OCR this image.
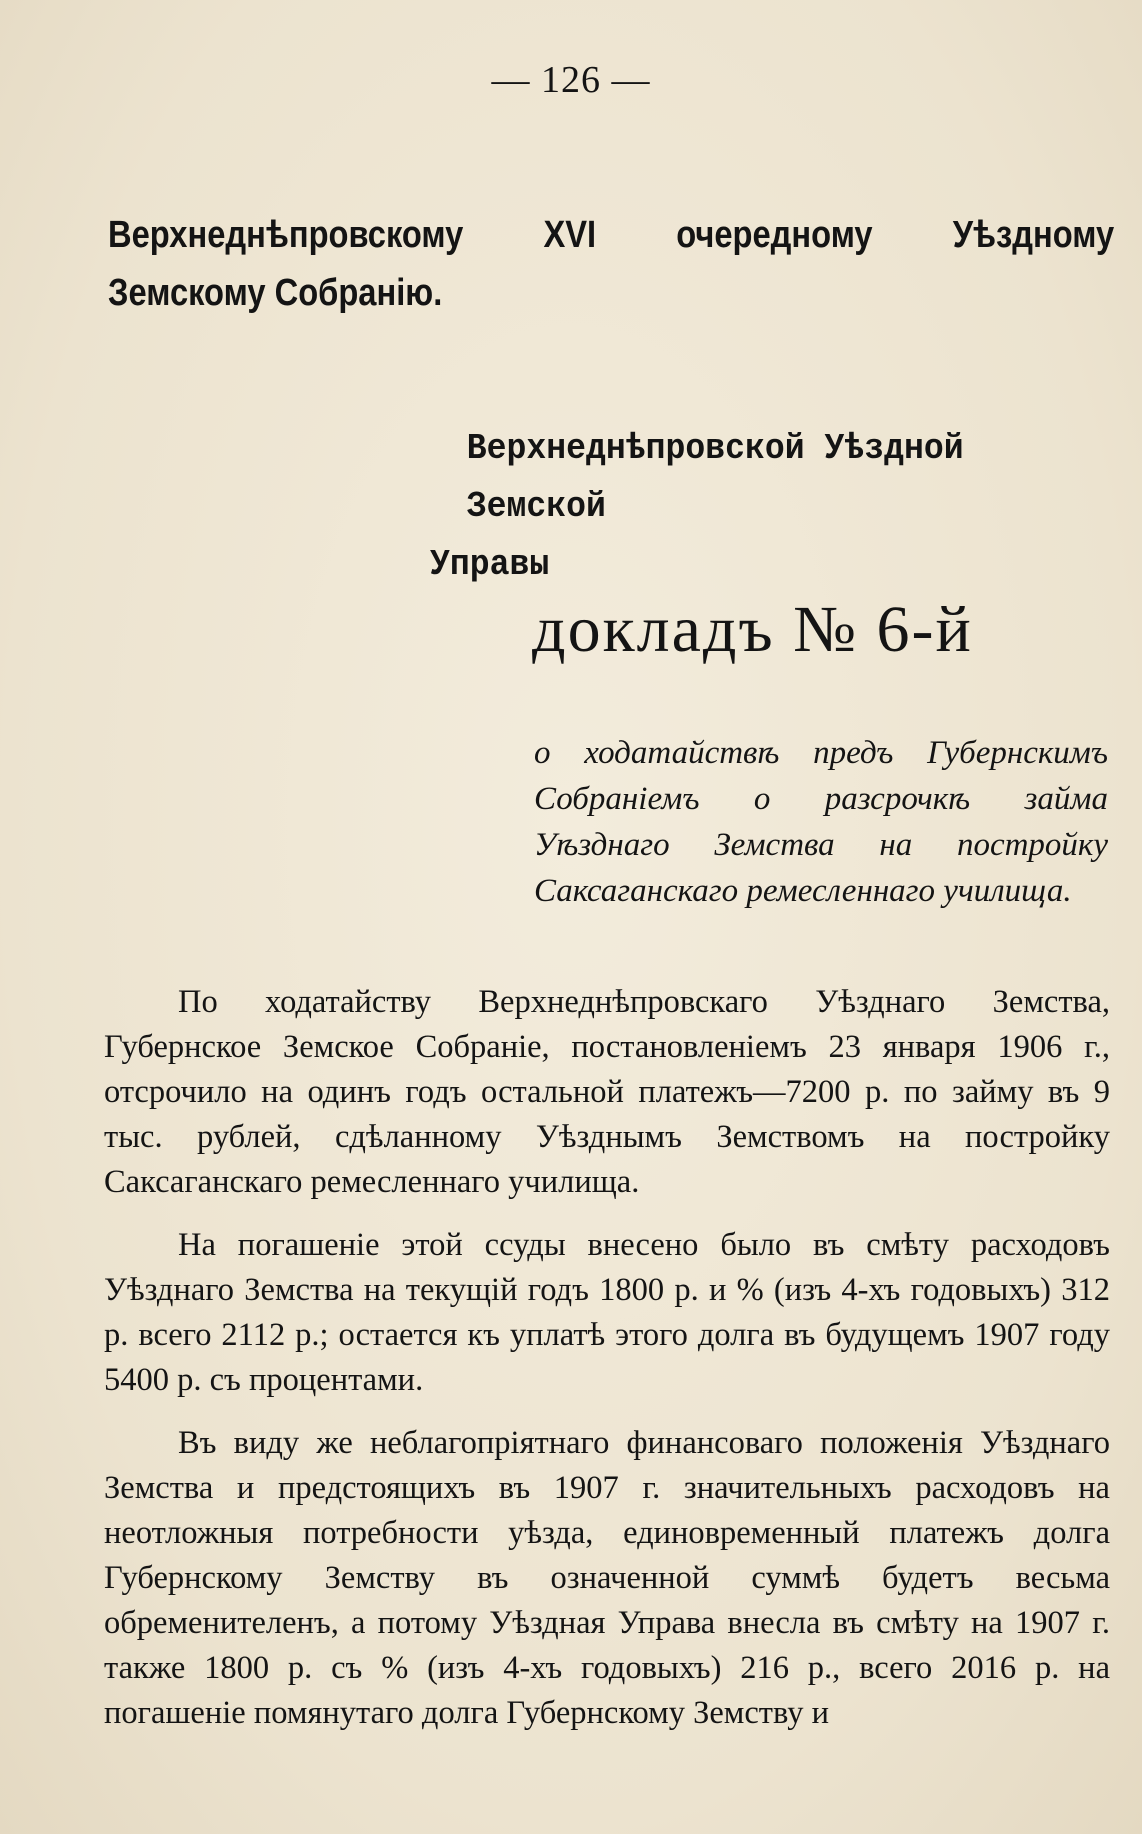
— 126 —
Верхнеднѣпровскому XVI очередному Уѣздному
Земскому Собранію.
Верхнеднѣпровской Уѣздной Земской
Управы
докладъ № 6-й
о ходатайствѣ предъ Губернскимъ Собраніемъ о разсрочкѣ займа Уѣзднаго Земства на постройку Саксаганскаго ремесленнаго училища.

По ходатайству Верхнеднѣпровскаго Уѣзднаго Земства, Губернское Земское Собраніе, постановленіемъ 23 января 1906 г., отсрочило на одинъ годъ остальной платежъ—7200 р. по займу въ 9 тыс. рублей, сдѣланному Уѣзднымъ Земствомъ на постройку Саксаганскаго ремесленнаго училища.

На погашеніе этой ссуды внесено было въ смѣту расходовъ Уѣзднаго Земства на текущій годъ 1800 р. и % (изъ 4-хъ годовыхъ) 312 р. всего 2112 р.; остается къ уплатѣ этого долга въ будущемъ 1907 году 5400 р. съ процентами.

Въ виду же неблагопріятнаго финансоваго положенія Уѣзднаго Земства и предстоящихъ въ 1907 г. значительныхъ расходовъ на неотложныя потребности уѣзда, единовременный платежъ долга Губернскому Земству въ означенной суммѣ будетъ весьма обременителенъ, а потому Уѣздная Управа внесла въ смѣту на 1907 г. также 1800 р. съ % (изъ 4-хъ годовыхъ) 216 р., всего 2016 р. на погашеніе помянутаго долга Губернскому Земству и
